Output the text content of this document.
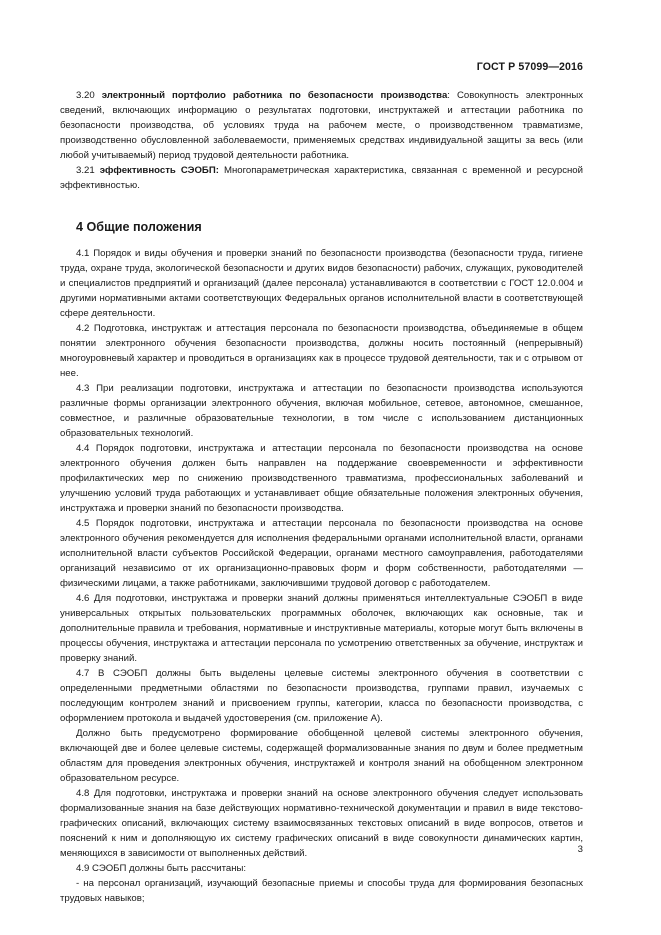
ГОСТ Р 57099—2016

3.20 электронный портфолио работника по безопасности производства: Совокупность электронных сведений, включающих информацию о результатах подготовки, инструктажей и аттестации работника по безопасности производства, об условиях труда на рабочем месте, о производственном травматизме, производственно обусловленной заболеваемости, применяемых средствах индивидуальной защиты за весь (или любой учитываемый) период трудовой деятельности работника.

3.21 эффективность СЭОБП: Многопараметрическая характеристика, связанная с временной и ресурсной эффективностью.

4 Общие положения

4.1 Порядок и виды обучения и проверки знаний по безопасности производства (безопасности труда, гигиене труда, охране труда, экологической безопасности и других видов безопасности) рабочих, служащих, руководителей и специалистов предприятий и организаций (далее персонала) устанавливаются в соответствии с ГОСТ 12.0.004 и другими нормативными актами соответствующих Федеральных органов исполнительной власти в соответствующей сфере деятельности.

4.2 Подготовка, инструктаж и аттестация персонала по безопасности производства, объединяемые в общем понятии электронного обучения безопасности производства, должны носить постоянный (непрерывный) многоуровневый характер и проводиться в организациях как в процессе трудовой деятельности, так и с отрывом от нее.

4.3 При реализации подготовки, инструктажа и аттестации по безопасности производства используются различные формы организации электронного обучения, включая мобильное, сетевое, автономное, смешанное, совместное, и различные образовательные технологии, в том числе с использованием дистанционных образовательных технологий.

4.4 Порядок подготовки, инструктажа и аттестации персонала по безопасности производства на основе электронного обучения должен быть направлен на поддержание своевременности и эффективности профилактических мер по снижению производственного травматизма, профессиональных заболеваний и улучшению условий труда работающих и устанавливает общие обязательные положения электронных обучения, инструктажа и проверки знаний по безопасности производства.

4.5 Порядок подготовки, инструктажа и аттестации персонала по безопасности производства на основе электронного обучения рекомендуется для исполнения федеральными органами исполнительной власти, органами исполнительной власти субъектов Российской Федерации, органами местного самоуправления, работодателями организаций независимо от их организационно-правовых форм и форм собственности, работодателями — физическими лицами, а также работниками, заключившими трудовой договор с работодателем.

4.6 Для подготовки, инструктажа и проверки знаний должны применяться интеллектуальные СЭОБП в виде универсальных открытых пользовательских программных оболочек, включающих как основные, так и дополнительные правила и требования, нормативные и инструктивные материалы, которые могут быть включены в процессы обучения, инструктажа и аттестации персонала по усмотрению ответственных за обучение, инструктаж и проверку знаний.

4.7 В СЭОБП должны быть выделены целевые системы электронного обучения в соответствии с определенными предметными областями по безопасности производства, группами правил, изучаемых с последующим контролем знаний и присвоением группы, категории, класса по безопасности производства, с оформлением протокола и выдачей удостоверения (см. приложение А).

Должно быть предусмотрено формирование обобщенной целевой системы электронного обучения, включающей две и более целевые системы, содержащей формализованные знания по двум и более предметным областям для проведения электронных обучения, инструктажей и контроля знаний на обобщенном электронном образовательном ресурсе.

4.8 Для подготовки, инструктажа и проверки знаний на основе электронного обучения следует использовать формализованные знания на базе действующих нормативно-технической документации и правил в виде текстово-графических описаний, включающих систему взаимосвязанных текстовых описаний в виде вопросов, ответов и пояснений к ним и дополняющую их систему графических описаний в виде совокупности динамических картин, меняющихся в зависимости от выполненных действий.

4.9 СЭОБП должны быть рассчитаны:

- на персонал организаций, изучающий безопасные приемы и способы труда для формирования безопасных трудовых навыков;

3
